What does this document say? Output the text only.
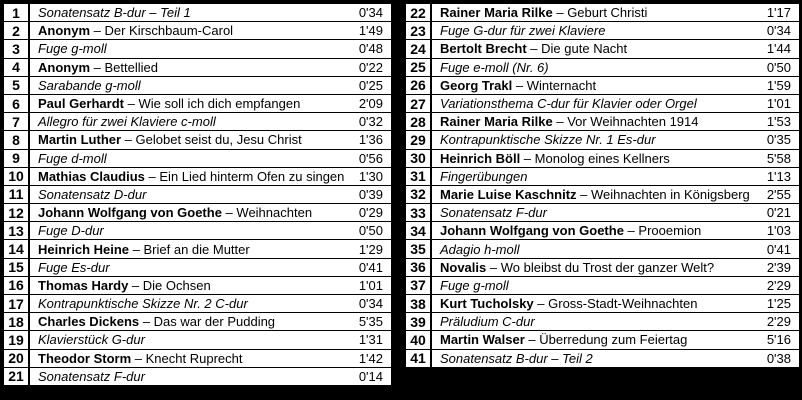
1	Sonatensatz B-dur – Teil 1	0'34
2	Anonym – Der Kirschbaum-Carol	1'49
3	Fuge g-moll	0'48
4	Anonym – Bettellied	0'22
5	Sarabande g-moll	0'25
6	Paul Gerhardt – Wie soll ich dich empfangen	2'09
7	Allegro für zwei Klaviere c-moll	0'32
8	Martin Luther – Gelobet seist du, Jesu Christ	1'36
9	Fuge d-moll	0'56
10	Mathias Claudius – Ein Lied hinterm Ofen zu singen	1'30
11	Sonatensatz D-dur	0'39
12	Johann Wolfgang von Goethe – Weihnachten	0'29
13	Fuge D-dur	0'50
14	Heinrich Heine – Brief an die Mutter	1'29
15	Fuge Es-dur	0'41
16	Thomas Hardy – Die Ochsen	1'01
17	Kontrapunktische Skizze Nr. 2 C-dur	0'34
18	Charles Dickens – Das war der Pudding	5'35
19	Klavierstück G-dur	1'31
20	Theodor Storm – Knecht Ruprecht	1'42
21	Sonatensatz F-dur	0'14
22	Rainer Maria Rilke – Geburt Christi	1'17
23	Fuge G-dur für zwei Klaviere	0'34
24	Bertolt Brecht – Die gute Nacht	1'44
25	Fuge e-moll (Nr. 6)	0'50
26	Georg Trakl – Winternacht	1'59
27	Variationsthema C-dur für Klavier oder Orgel	1'01
28	Rainer Maria Rilke – Vor Weihnachten 1914	1'53
29	Kontrapunktische Skizze Nr. 1 Es-dur	0'35
30	Heinrich Böll – Monolog eines Kellners	5'58
31	Fingerübungen	1'13
32	Marie Luise Kaschnitz – Weihnachten in Königsberg	2'55
33	Sonatensatz F-dur	0'21
34	Johann Wolfgang von Goethe – Prooemion	1'03
35	Adagio h-moll	0'41
36	Novalis – Wo bleibst du Trost der ganzer Welt?	2'39
37	Fuge g-moll	2'29
38	Kurt Tucholsky – Gross-Stadt-Weihnachten	1'25
39	Präludium C-dur	2'29
40	Martin Walser – Überredung zum Feiertag	5'16
41	Sonatensatz B-dur – Teil 2	0'38
